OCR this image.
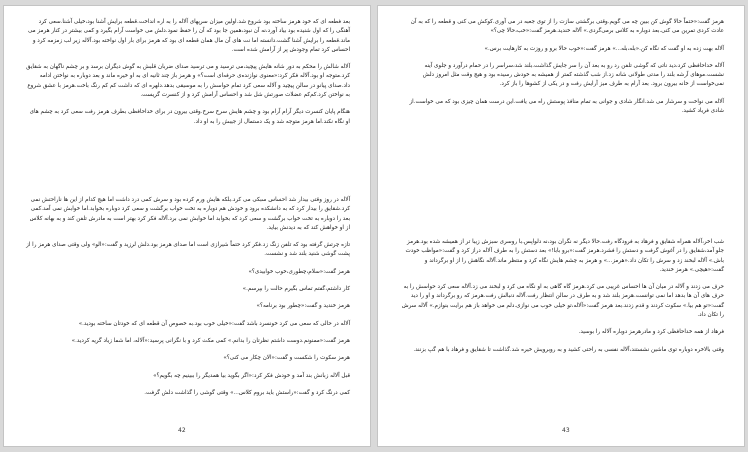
بعد فطعه ای که خود هرمز ساخته بود شروع شد.اولین میزان سرپهای آلاله را به اره انداخت.قطعه برایش آشنا بود،خیلی آشنا.سعی کرد آهنگی را که اول شنیده بود بیاد آورد،نه آن نبود،همین جا بود که آن را حفظ نمود.دلش می خواست آرام بگیرد و کمی بیشتر در کنار هرمز می ماند.قطعه را برایش آشنا گشت.دانسته اما نت های آن مال همان قطعه ای بود که هرمز برای بار اول نواخته بود.آلاله زیر لب زمزمه کرد و احساس کرد تمام وجودش پر از آرامش شده است.

آلاله شالش را محکم به دور شانه هایش پیچید،می ترسید و می ترسید صدای ضربان قلبش به گوش دیگران برسد و بر چشم ناگهان به شقایق کرد.متوجه او بود.آلاله فکر کرد:«معنوی نوازنده‌ی حرفه‌ای است؟» و هرمز باز چند ثانیه ای به او خیره ماند و بعد دوباره به نواختن ادامه داد.صدای پیانو در سالن پیچید و آلاله سعی کرد تمام حواسش را به موسیقی بدهد.دلهره ای که داشت کم کم رنگ باخت.هرمز با عشق شروع به نواختن کرد.کم‌کم عضلات صورتش شل شد و احساس آرامش کرد و از کنسرت گریست.

هنگام پایان کنسرت دیگر آرام آرام بود و چشم هایش سرخ سرخ.وقتی بیرون در برای خداحافظی بطرف هرمز رفت سعی کرد به چشم های او نگاه نکند.اما هرمز متوجه شد و یک دستمال از جیبش را به او داد.

آلاله در روز وقتی بیدار شد احساس سبکی می کرد.بلکه هایش ورم کرده بود و سرش کمی درد داشت اما هیچ کدام از این ها ناراحتش نمی کرد.شقایق را بیدار کرد که به دانشکده برود و خودش هم دوباره به تخت خواب برگشت و سعی کرد دوباره بخوابد.اما خوابش نمی آمد.کمی بعد را دوباره به تخت خواب برگشت و سعی کرد که بخوابد اما خوابش نمی برد.آلاله فکر کرد بهتر است به مادرش تلفن کند و به بهانه کلاس از او خواهش کند که به دیدنش بیاید.

تازه چرتش گرفته بود که تلفن زنگ زد.فکر کرد حتماً شیرازی است اما صدای هرمز بود.دلش لرزید و گفت:«الو» ولی وقتی صدای هرمز را از پشت گوشی شنید بلند شد و نشست.

هرمز گفت:«سلام،چطوری،خوب خوابیدی؟»

کار داشتم،گفتم تماس بگیرم حالت را بپرسم.»

هرمز خندید و گفت:«چطور بود برنامه؟»

آلاله در حالی که سعی می کرد خونسرد باشد گفت:«خیلی خوب بود.به خصوص آن قطعه ای که خودتان ساخته بودید.»

هرمز گفت:«ممنونم.دوست داشتم نظرتان را بدانم.» کمی مکث کرد و با نگرانی پرسید:«آلاله، اما شما زیاد گریه کردید.»

هرمز سکوت را شکست و گفت:«الان چکار می کنی؟»

قبل آلاله زبانش بند آمد و خودش فکر کرد:«اگر بگوید بیا همدیگر را ببینیم چه بگویم؟»

کمی درنگ کرد و گفت:«راستش باید بروم کلاس...» وقتی گوشی را گذاشت دلش گرفت.

42

هرمز گفت:«حتماً حالا گوش کن ببین چه می گویم.وقتی برگشتی سازت را از توی جعبه در می آوری.کوکش می کنی و قطعه را که به آن عادت کردی تمرین می کنی.بعد دوباره به کلاس برمی‌گردی.» آلاله خندید.هرمز گفت:«خب،حالا چی؟»

آلاله بهت زده به او گفت که نگاه کن.«بله،بله...» هرمز گفت:«خوب حالا برو و روزت به کارهایت برس.»

آلاله خداحافظی کرد،دید ناتی که گوشی تلفن رد رو به بعد آن را سر جایش گذاشت.بلند شد،سراسر را در حمام درآورد و جلوی آینه نشست.موهای آرشه بلند را مدتی طولانی شانه زد.از شب گذشته کمتر از همیشه به خودش رسیده بود و هیچ وقت مثل امروز دلش نمی‌خواست از خانه بیرون برود. بعد آرام به طرف میز آرایش رفت و در یکی از کشوها را باز کرد.

آلاله می نواخت و سرشار می شد.انگار شادی و جوانی به تمام منافذ پوستش راه می یافت.این درست همان چیزی بود که می خواست.از شادی فریاد کشید.

شب اخر،آلاله همراه شقایق و فرهاد به فرودگاه رفت.حالا دیگر نه نگران بود،نه دلواپس.با روسری سبزش زیبا تر از همیشه شده بود.هرمز جلو آمد،شقایق را در آغوش گرفت و دستش را فشرد.هرمز گفت:«برو بابا!» بعد دستش را به طرف آلاله دراز کرد و گفت:«مواظب خودت باش.» آلاله لبخند زد و سرش را تکان داد.«هرمز...» و هرمز به چشم هایش نگاه کرد و منتظر ماند.آلاله نگاهش را از او برگرداند و گفت:«هیچی.» هرمز خندید.

حرف می زدند و آلاله در میان آن ها احساس غریبی می کرد.هرمز گاه گاهی به او نگاه می کرد و لبخند می زد.آلاله سعی کرد حواسش را به حرف های آن ها بدهد اما نمی توانست.هرمز بلند شد و به طرف در سالن انتظار رفت.آلاله دنبالش رفت.هرمز که رو برگرداند و او را دید گفت:«تو هم بیا.» سکوت کردند و قدم زدند.بعد هرمز گفت:«آلاله،تو خیلی خوب می نوازی.دلم می خواهد باز هم برایت بنوازم.» آلاله سرش را تکان داد.

فرهاد از همه خداحافظی کرد و مادرهرمز دوباره آلاله را بوسید.

وقتی بالاخره دوباره توی ماشین نشستند،آلاله نفسی به راحتی کشید و به روبرویش خیره شد.گذاشت تا شقایق و فرهاد با هم گپ بزنند.

43
